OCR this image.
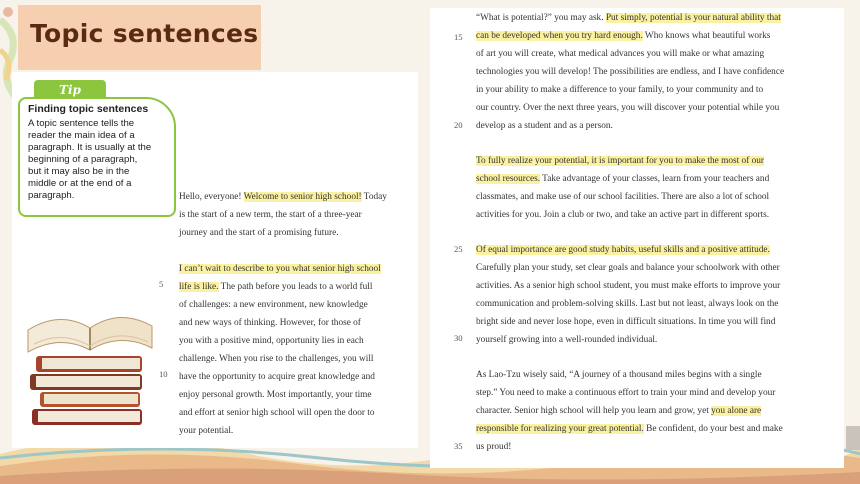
Topic sentences
Tip
Finding topic sentences
A topic sentence tells the
reader the main idea of a
paragraph. It is usually at the
beginning of a paragraph,
but it may also be in the
middle or at the end of a
paragraph.
5
10
Hello, everyone! Welcome to senior high school! Today
is the start of a new term, the start of a three-year
journey and the start of a promising future.
I can’t wait to describe to you what senior high school
life is like. The path before you leads to a world full
of challenges: a new environment, new knowledge
and new ways of thinking. However, for those of
you with a positive mind, opportunity lies in each
challenge. When you rise to the challenges, you will
have the opportunity to acquire great knowledge and
enjoy personal growth. Most importantly, your time
and effort at senior high school will open the door to
your potential.
15
20
25
30
35
“What is potential?” you may ask. Put simply, potential is your natural ability that
can be developed when you try hard enough. Who knows what beautiful works
of art you will create, what medical advances you will make or what amazing
technologies you will develop! The possibilities are endless, and I have confidence
in your ability to make a difference to your family, to your community and to
our country. Over the next three years, you will discover your potential while you
develop as a student and as a person.
To fully realize your potential, it is important for you to make the most of our
school resources. Take advantage of your classes, learn from your teachers and
classmates, and make use of our school facilities. There are also a lot of school
activities for you. Join a club or two, and take an active part in different sports.
Of equal importance are good study habits, useful skills and a positive attitude.
Carefully plan your study, set clear goals and balance your schoolwork with other
activities. As a senior high school student, you must make efforts to improve your
communication and problem-solving skills. Last but not least, always look on the
bright side and never lose hope, even in difficult situations. In time you will find
yourself growing into a well-rounded individual.
As Lao-Tzu wisely said, “A journey of a thousand miles begins with a single
step.” You need to make a continuous effort to train your mind and develop your
character. Senior high school will help you learn and grow, yet you alone are
responsible for realizing your great potential. Be confident, do your best and make
us proud!
